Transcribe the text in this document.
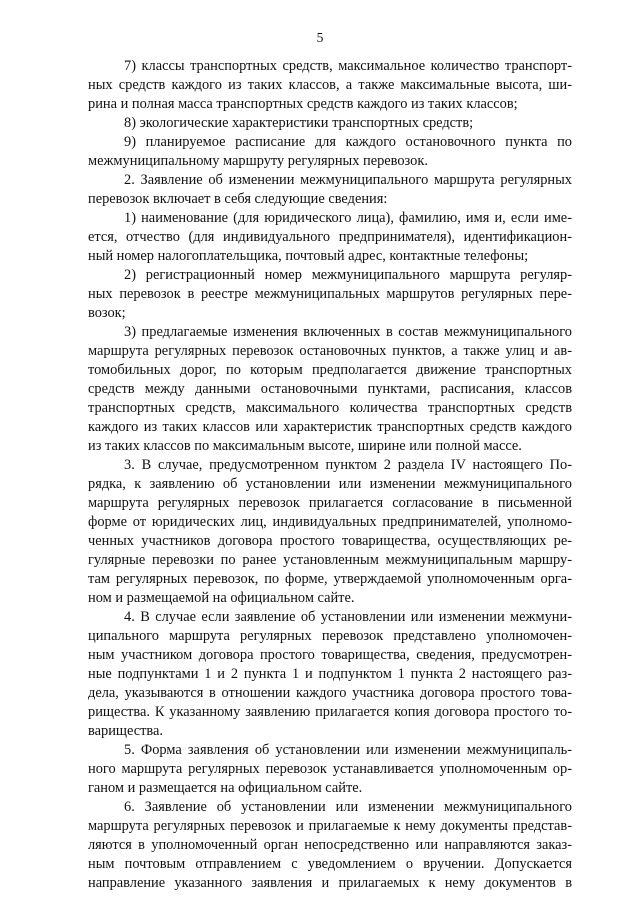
5
7) классы транспортных средств, максимальное количество транспорт-
ных средств каждого из таких классов, а также максимальные высота, ши-
рина и полная масса транспортных средств каждого из таких классов;
8) экологические характеристики транспортных средств;
9) планируемое расписание для каждого остановочного пункта по
межмуниципальному маршруту регулярных перевозок.
2. Заявление об изменении межмуниципального маршрута регулярных
перевозок включает в себя следующие сведения:
1) наименование (для юридического лица), фамилию, имя и, если име-
ется, отчество (для индивидуального предпринимателя), идентификацион-
ный номер налогоплательщика, почтовый адрес, контактные телефоны;
2) регистрационный номер межмуниципального маршрута регуляр-
ных перевозок в реестре межмуниципальных маршрутов регулярных пере-
возок;
3) предлагаемые изменения включенных в состав межмуниципального
маршрута регулярных перевозок остановочных пунктов, а также улиц и ав-
томобильных дорог, по которым предполагается движение транспортных
средств между данными остановочными пунктами, расписания, классов
транспортных средств, максимального количества транспортных средств
каждого из таких классов или характеристик транспортных средств каждого
из таких классов по максимальным высоте, ширине или полной массе.
3. В случае, предусмотренном пунктом 2 раздела IV настоящего По-
рядка, к заявлению об установлении или изменении межмуниципального
маршрута регулярных перевозок прилагается согласование в письменной
форме от юридических лиц, индивидуальных предпринимателей, уполномо-
ченных участников договора простого товарищества, осуществляющих ре-
гулярные перевозки по ранее установленным межмуниципальным маршру-
там регулярных перевозок, по форме, утверждаемой уполномоченным орга-
ном и размещаемой на официальном сайте.
4. В случае если заявление об установлении или изменении межмуни-
ципального маршрута регулярных перевозок представлено уполномочен-
ным участником договора простого товарищества, сведения, предусмотрен-
ные подпунктами 1 и 2 пункта 1 и подпунктом 1 пункта 2 настоящего раз-
дела, указываются в отношении каждого участника договора простого това-
рищества. К указанному заявлению прилагается копия договора простого то-
варищества.
5. Форма заявления об установлении или изменении межмуниципаль-
ного маршрута регулярных перевозок устанавливается уполномоченным ор-
ганом и размещается на официальном сайте.
6. Заявление об установлении или изменении межмуниципального
маршрута регулярных перевозок и прилагаемые к нему документы представ-
ляются в уполномоченный орган непосредственно или направляются заказ-
ным почтовым отправлением с уведомлением о вручении. Допускается
направление указанного заявления и прилагаемых к нему документов в
